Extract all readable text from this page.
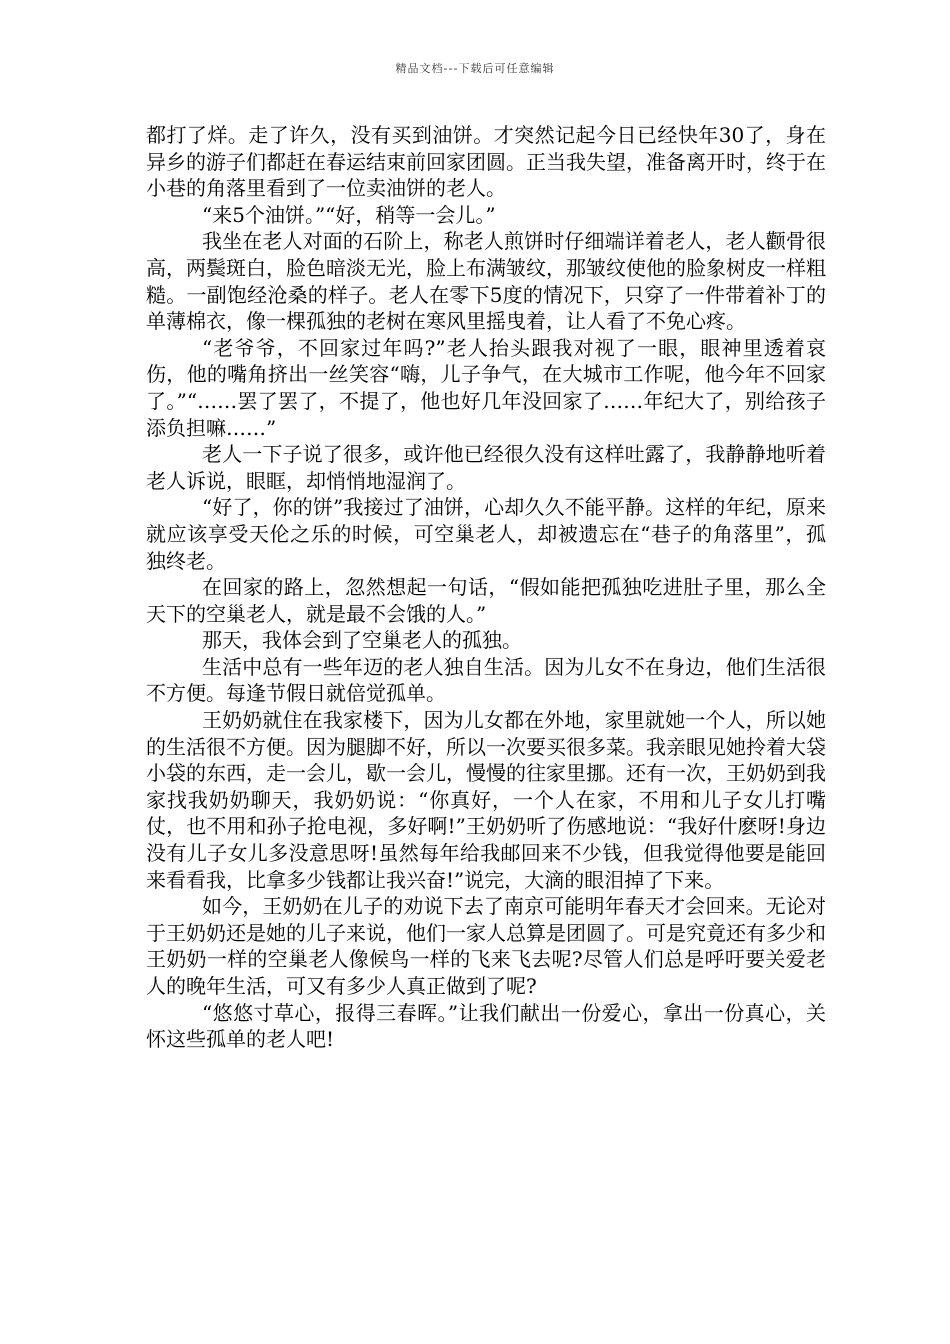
精品文档---下载后可任意编辑

都打了烊。走了许久，没有买到油饼。才突然记起今日已经快年30了，身在异乡的游子们都赶在春运结束前回家团圆。正当我失望，准备离开时，终于在小巷的角落里看到了一位卖油饼的老人。

“来5个油饼。”“好，稍等一会儿。”

我坐在老人对面的石阶上，称老人煎饼时仔细端详着老人，老人颧骨很高，两鬓斑白，脸色暗淡无光，脸上布满皱纹，那皱纹使他的脸象树皮一样粗糙。一副饱经沧桑的样子。老人在零下5度的情况下，只穿了一件带着补丁的单薄棉衣，像一棵孤独的老树在寒风里摇曳着，让人看了不免心疼。

“老爷爷，不回家过年吗?”老人抬头跟我对视了一眼，眼神里透着哀伤，他的嘴角挤出一丝笑容“嗨，儿子争气，在大城市工作呢，他今年不回家了。”“……罢了罢了，不提了，他也好几年没回家了……年纪大了，别给孩子添负担嘛……”

老人一下子说了很多，或许他已经很久没有这样吐露了，我静静地听着老人诉说，眼眶，却悄悄地湿润了。

“好了，你的饼”我接过了油饼，心却久久不能平静。这样的年纪，原来就应该享受天伦之乐的时候，可空巢老人，却被遗忘在“巷子的角落里”，孤独终老。

在回家的路上，忽然想起一句话，“假如能把孤独吃进肚子里，那么全天下的空巢老人，就是最不会饿的人。”

那天，我体会到了空巢老人的孤独。

生活中总有一些年迈的老人独自生活。因为儿女不在身边，他们生活很不方便。每逢节假日就倍觉孤单。

王奶奶就住在我家楼下，因为儿女都在外地，家里就她一个人，所以她的生活很不方便。因为腿脚不好，所以一次要买很多菜。我亲眼见她拎着大袋小袋的东西，走一会儿，歇一会儿，慢慢的往家里挪。还有一次，王奶奶到我家找我奶奶聊天，我奶奶说：“你真好，一个人在家，不用和儿子女儿打嘴仗，也不用和孙子抢电视，多好啊!”王奶奶听了伤感地说：“我好什麽呀!身边没有儿子女儿多没意思呀!虽然每年给我邮回来不少钱，但我觉得他要是能回来看看我，比拿多少钱都让我兴奋!”说完，大滴的眼泪掉了下来。

如今，王奶奶在儿子的劝说下去了南京可能明年春天才会回来。无论对于王奶奶还是她的儿子来说，他们一家人总算是团圆了。可是究竟还有多少和王奶奶一样的空巢老人像候鸟一样的飞来飞去呢?尽管人们总是呼吁要关爱老人的晚年生活，可又有多少人真正做到了呢?

“悠悠寸草心，报得三春晖。”让我们献出一份爱心，拿出一份真心，关怀这些孤单的老人吧!
